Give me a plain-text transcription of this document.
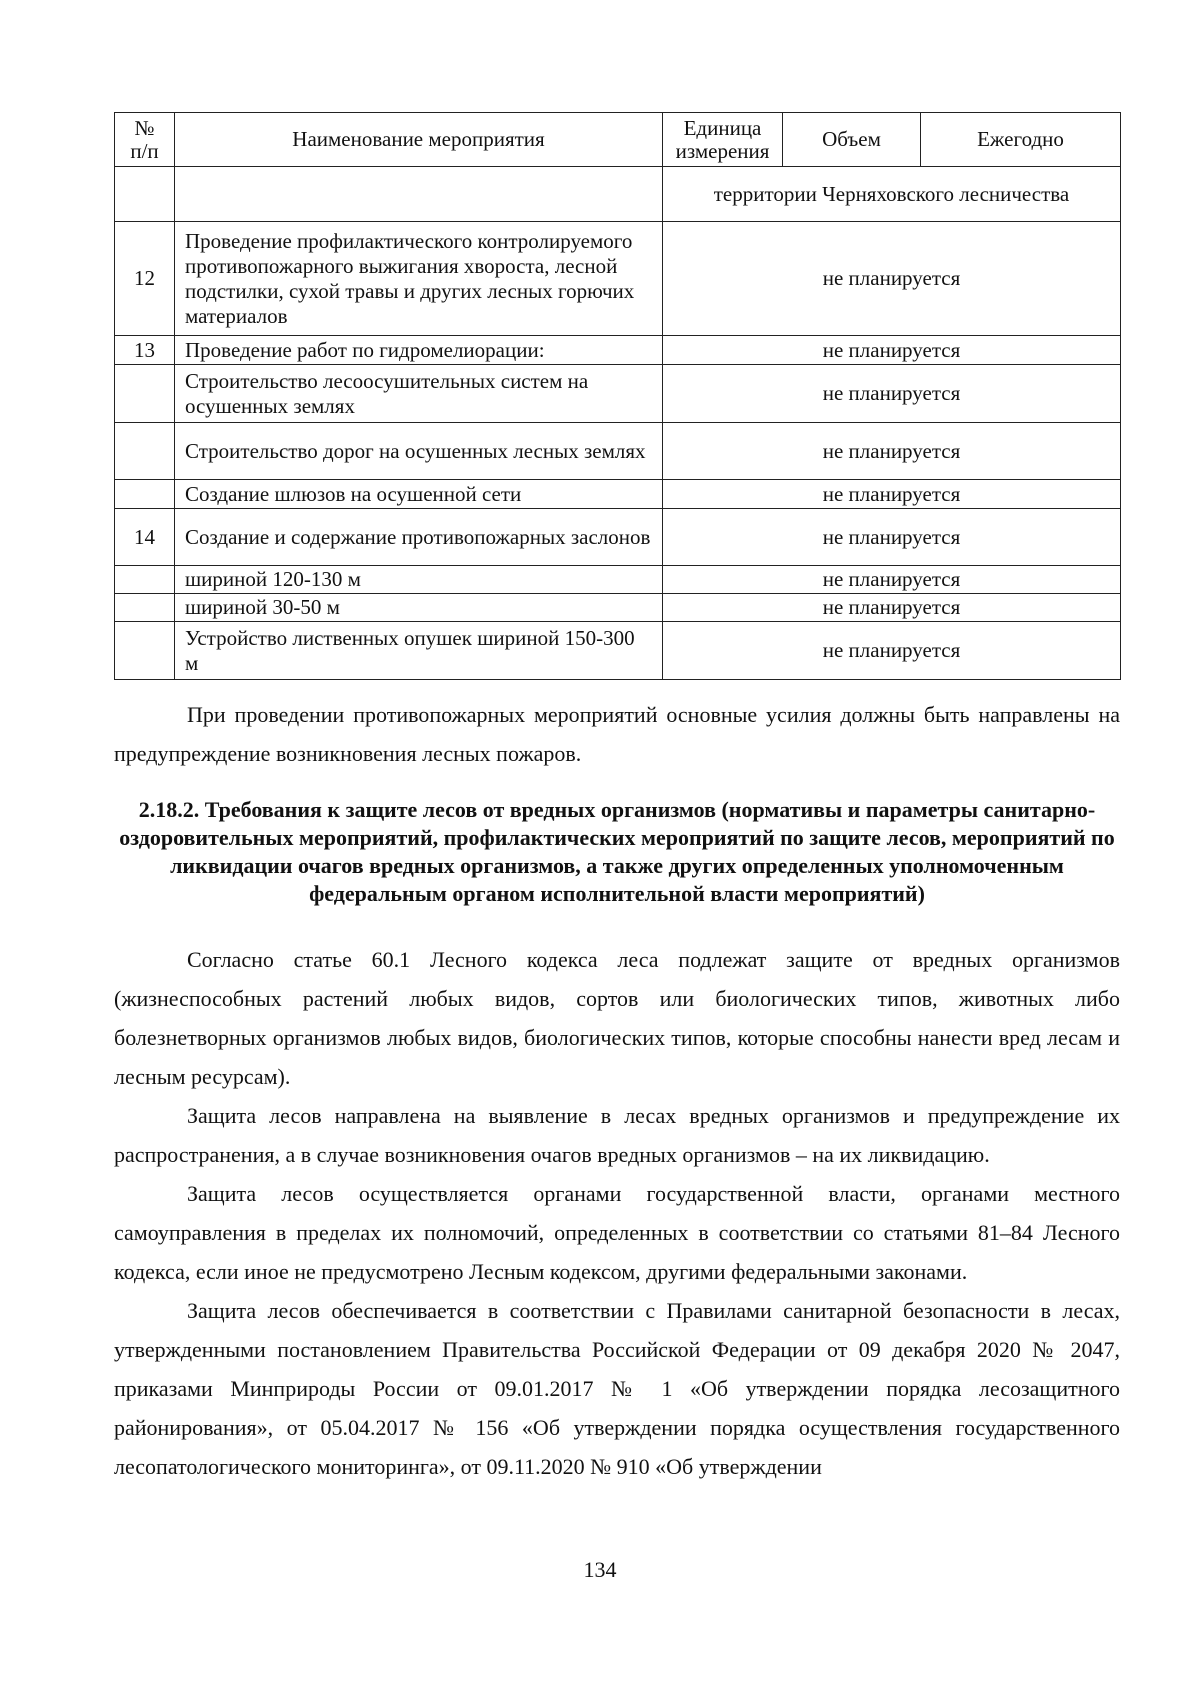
№ п/п	Наименование мероприятия	Единица измерения	Объем	Ежегодно
		территории Черняховского лесничества		
12	Проведение профилактического контролируемого противопожарного выжигания хвороста, лесной подстилки, сухой травы и других лесных горючих материалов	не планируется		
13	Проведение работ по гидромелиорации:	не планируется		
	Строительство лесоосушительных систем на осушенных землях	не планируется		
	Строительство дорог на осушенных лесных землях	не планируется		
	Создание шлюзов на осушенной сети	не планируется		
14	Создание и содержание противопожарных заслонов	не планируется		
	шириной 120-130 м	не планируется		
	шириной 30-50 м	не планируется		
	Устройство лиственных опушек шириной 150-300 м	не планируется		

При проведении противопожарных мероприятий основные усилия должны быть направлены на предупреждение возникновения лесных пожаров.

2.18.2. Требования к защите лесов от вредных организмов (нормативы и параметры санитарно-оздоровительных мероприятий, профилактических мероприятий по защите лесов, мероприятий по ликвидации очагов вредных организмов, а также других определенных уполномоченным федеральным органом исполнительной власти мероприятий)

Согласно статье 60.1 Лесного кодекса леса подлежат защите от вредных организмов (жизнеспособных растений любых видов, сортов или биологических типов, животных либо болезнетворных организмов любых видов, биологических типов, которые способны нанести вред лесам и лесным ресурсам).

Защита лесов направлена на выявление в лесах вредных организмов и предупреждение их распространения, а в случае возникновения очагов вредных организмов – на их ликвидацию.

Защита лесов осуществляется органами государственной власти, органами местного самоуправления в пределах их полномочий, определенных в соответствии со статьями 81–84 Лесного кодекса, если иное не предусмотрено Лесным кодексом, другими федеральными законами.

Защита лесов обеспечивается в соответствии с Правилами санитарной безопасности в лесах, утвержденными постановлением Правительства Российской Федерации от 09 декабря 2020 № 2047, приказами Минприроды России от 09.01.2017 № 1 «Об утверждении порядка лесозащитного районирования», от 05.04.2017 № 156 «Об утверждении порядка осуществления государственного лесопатологического мониторинга», от 09.11.2020 № 910 «Об утверждении

134
